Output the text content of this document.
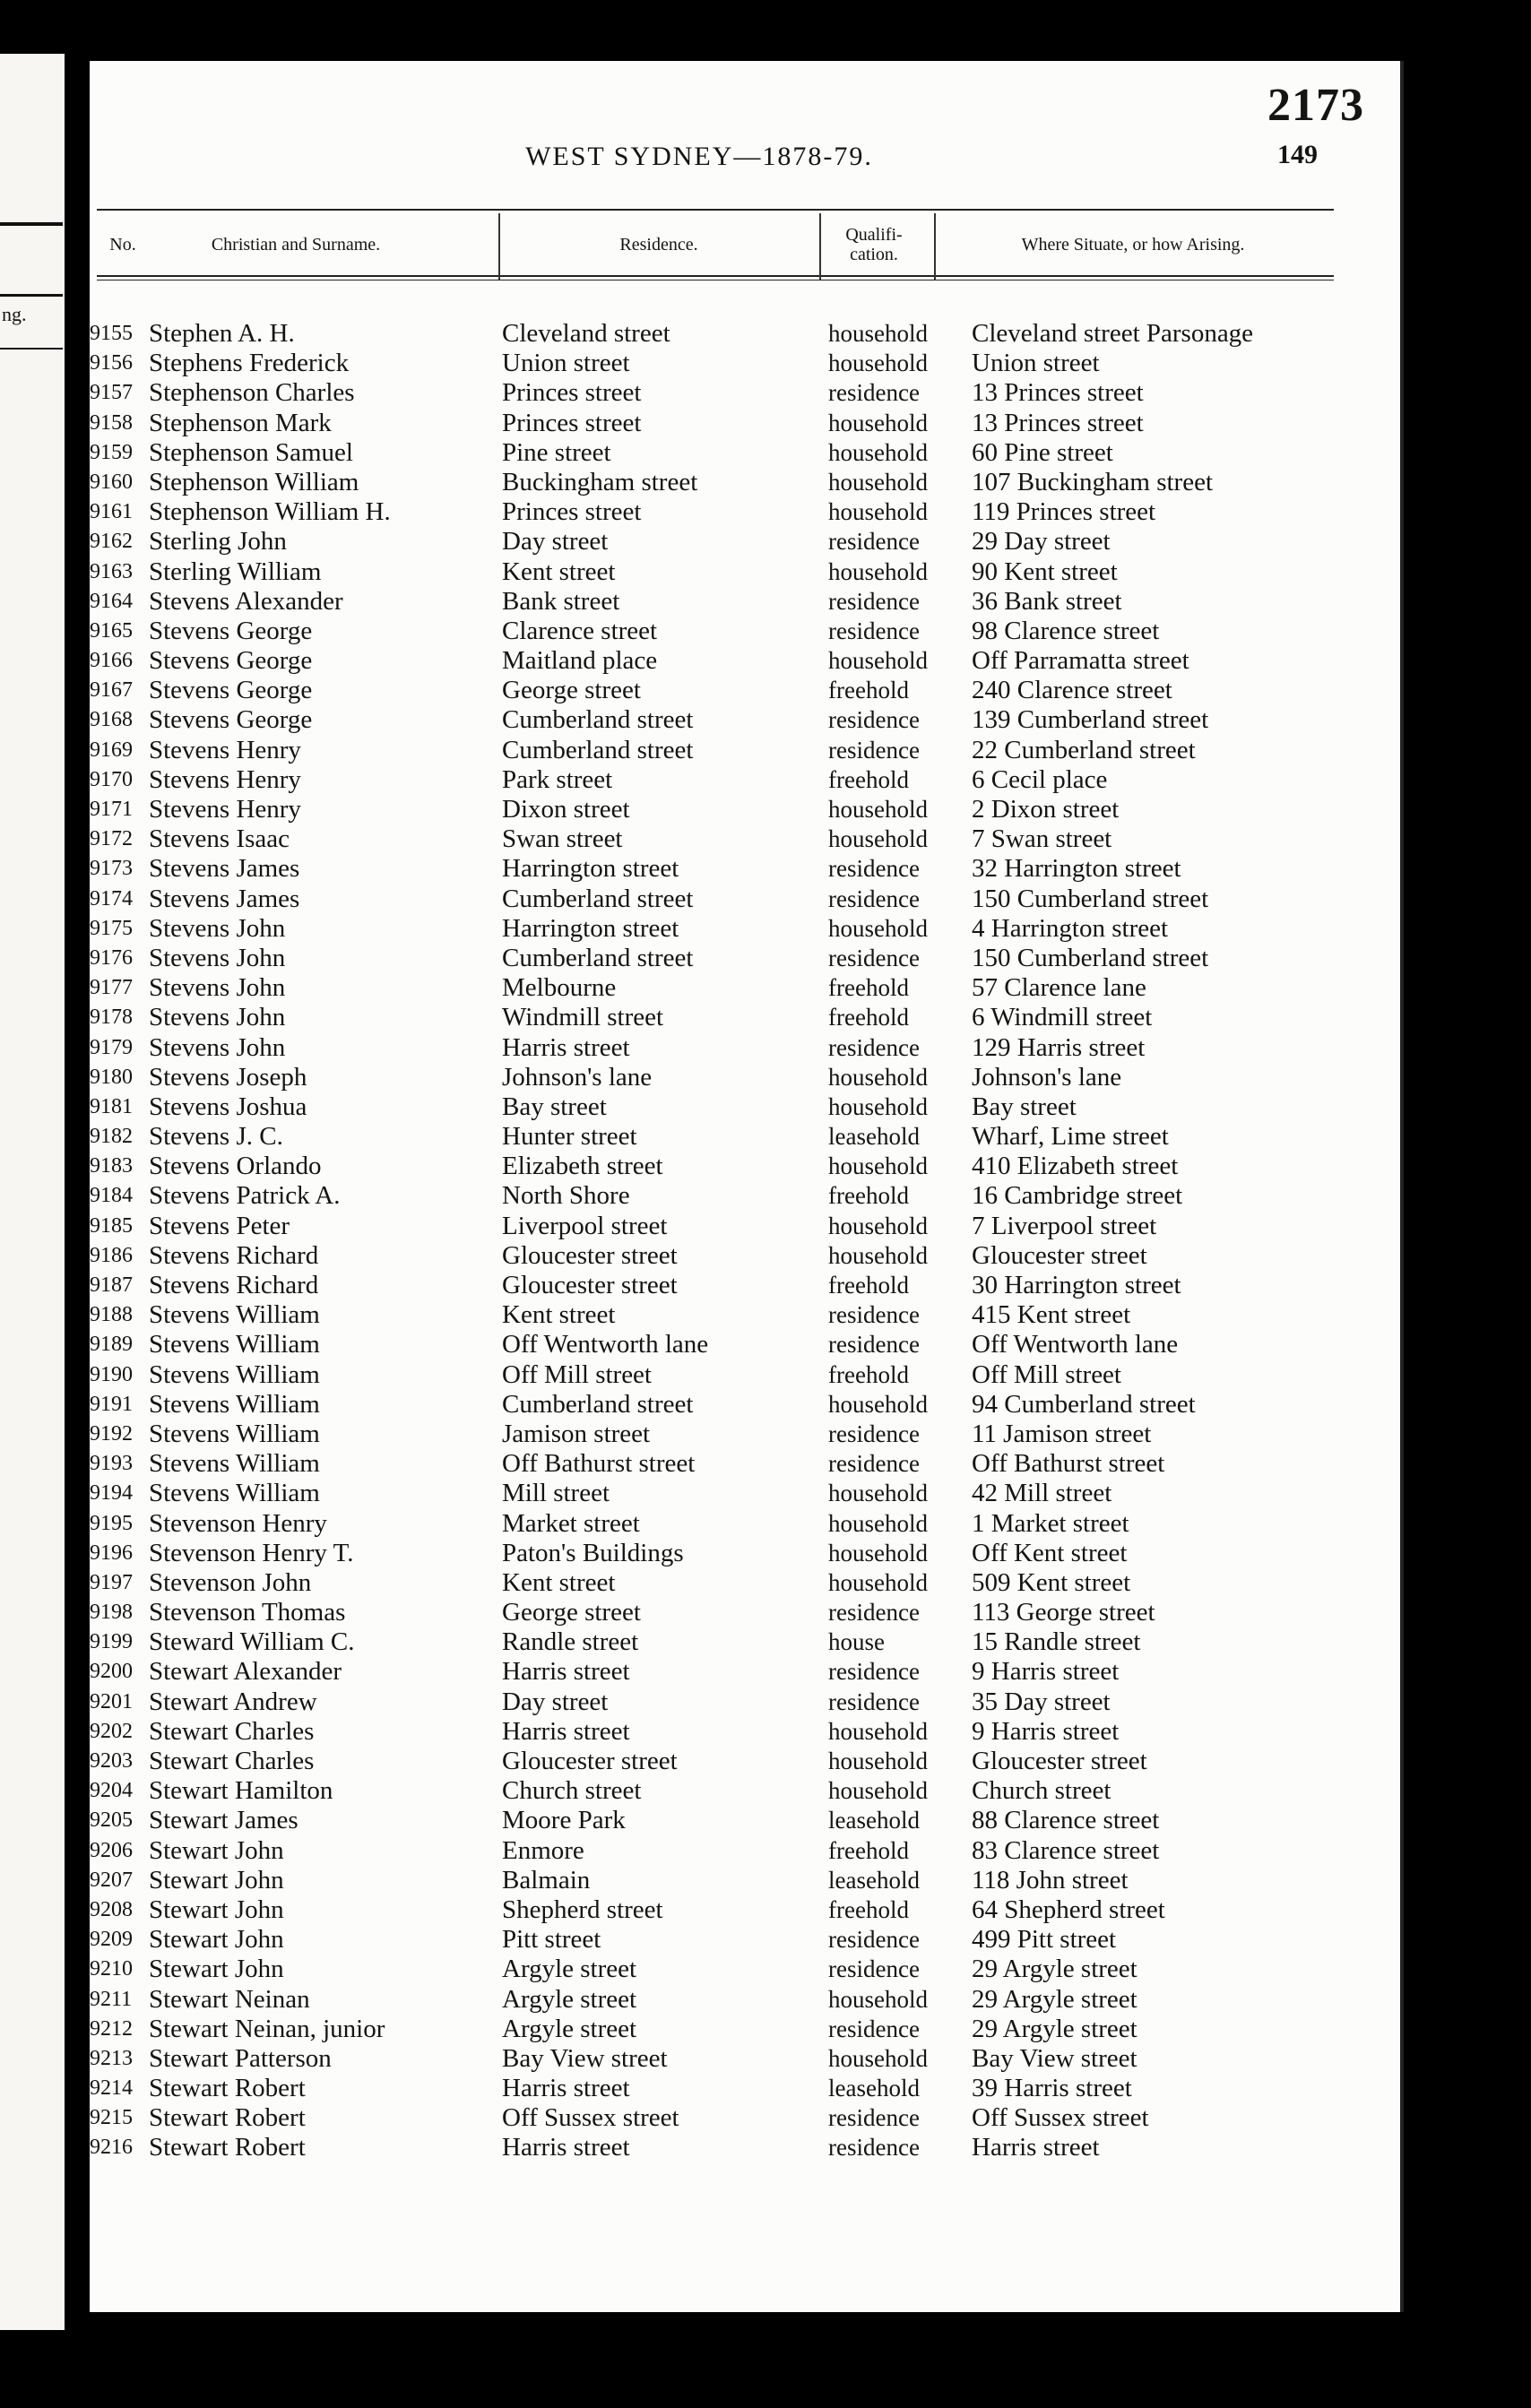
ng.
2173
149
WEST SYDNEY—1878-79.
No.	Christian and Surname.	Residence.	Qualifi- cation.	Where Situate, or how Arising.
9155 Stephen A. H.	Cleveland street	household Cleveland street Parsonage
9156 Stephens Frederick	Union street	household Union street
9157 Stephenson Charles	Princes street	residence 13 Princes street
9158 Stephenson Mark	Princes street	household 13 Princes street
9159 Stephenson Samuel	Pine street	household 60 Pine street
9160 Stephenson William	Buckingham street	household 107 Buckingham street
9161 Stephenson William H.	Princes street	household 119 Princes street
9162 Sterling John	Day street	residence 29 Day street
9163 Sterling William	Kent street	household 90 Kent street
9164 Stevens Alexander	Bank street	residence 36 Bank street
9165 Stevens George	Clarence street	residence 98 Clarence street
9166 Stevens George	Maitland place	household Off Parramatta street
9167 Stevens George	George street	freehold 240 Clarence street
9168 Stevens George	Cumberland street	residence 139 Cumberland street
9169 Stevens Henry	Cumberland street	residence 22 Cumberland street
9170 Stevens Henry	Park street	freehold 6 Cecil place
9171 Stevens Henry	Dixon street	household 2 Dixon street
9172 Stevens Isaac	Swan street	household 7 Swan street
9173 Stevens James	Harrington street	residence 32 Harrington street
9174 Stevens James	Cumberland street	residence 150 Cumberland street
9175 Stevens John	Harrington street	household 4 Harrington street
9176 Stevens John	Cumberland street	residence 150 Cumberland street
9177 Stevens John	Melbourne	freehold 57 Clarence lane
9178 Stevens John	Windmill street	freehold 6 Windmill street
9179 Stevens John	Harris street	residence 129 Harris street
9180 Stevens Joseph	Johnson's lane	household Johnson's lane
9181 Stevens Joshua	Bay street	household Bay street
9182 Stevens J. C.	Hunter street	leasehold Wharf, Lime street
9183 Stevens Orlando	Elizabeth street	household 410 Elizabeth street
9184 Stevens Patrick A.	North Shore	freehold 16 Cambridge street
9185 Stevens Peter	Liverpool street	household 7 Liverpool street
9186 Stevens Richard	Gloucester street	household Gloucester street
9187 Stevens Richard	Gloucester street	freehold 30 Harrington street
9188 Stevens William	Kent street	residence 415 Kent street
9189 Stevens William	Off Wentworth lane	residence Off Wentworth lane
9190 Stevens William	Off Mill street	freehold Off Mill street
9191 Stevens William	Cumberland street	household 94 Cumberland street
9192 Stevens William	Jamison street	residence 11 Jamison street
9193 Stevens William	Off Bathurst street	residence Off Bathurst street
9194 Stevens William	Mill street	household 42 Mill street
9195 Stevenson Henry	Market street	household 1 Market street
9196 Stevenson Henry T.	Paton's Buildings	household Off Kent street
9197 Stevenson John	Kent street	household 509 Kent street
9198 Stevenson Thomas	George street	residence 113 George street
9199 Steward William C.	Randle street	house	15 Randle street
9200 Stewart Alexander	Harris street	residence 9 Harris street
9201 Stewart Andrew	Day street	residence 35 Day street
9202 Stewart Charles	Harris street	household 9 Harris street
9203 Stewart Charles	Gloucester street	household Gloucester street
9204 Stewart Hamilton	Church street	household Church street
9205 Stewart James	Moore Park	leasehold 88 Clarence street
9206 Stewart John	Enmore	freehold 83 Clarence street
9207 Stewart John	Balmain	leasehold 118 John street
9208 Stewart John	Shepherd street	freehold 64 Shepherd street
9209 Stewart John	Pitt street	residence 499 Pitt street
9210 Stewart John	Argyle street	residence 29 Argyle street
9211 Stewart Neinan	Argyle street	household 29 Argyle street
9212 Stewart Neinan, junior	Argyle street	residence 29 Argyle street
9213 Stewart Patterson	Bay View street	household Bay View street
9214 Stewart Robert	Harris street	leasehold 39 Harris street
9215 Stewart Robert	Off Sussex street	residence Off Sussex street
9216 Stewart Robert	Harris street	residence Harris street
